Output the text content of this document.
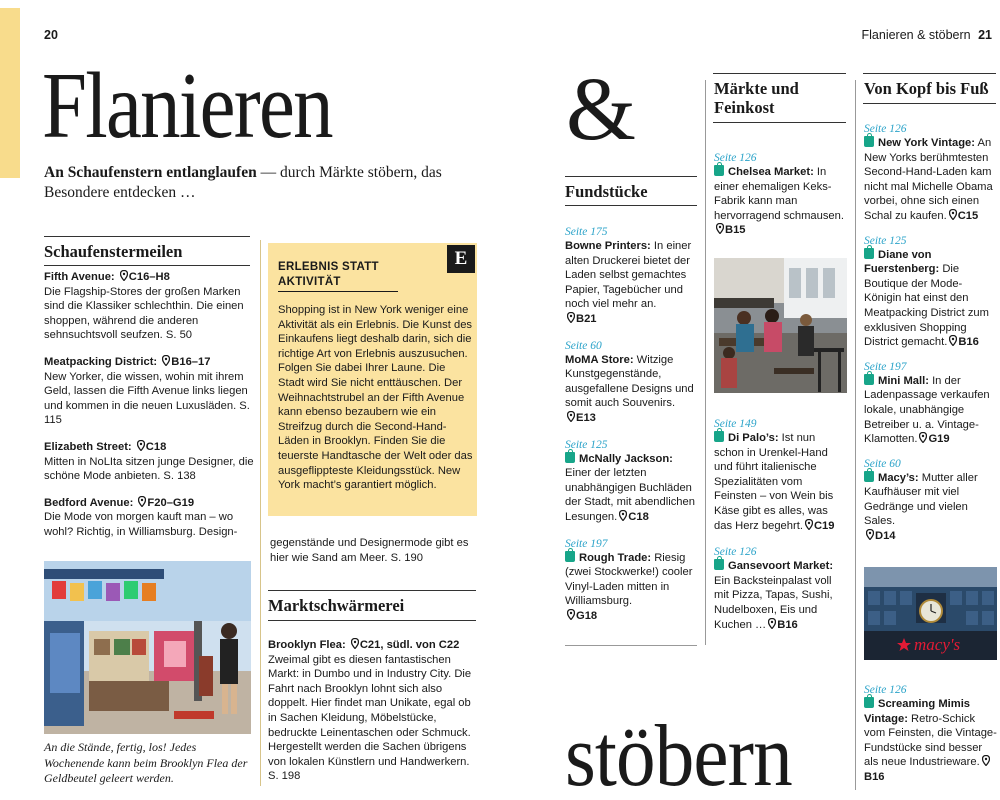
20	Flanieren & stöbern 21
Flanieren	&
stöbern
An Schaufenstern entlanglaufen — durch Märkte stöbern, das Besondere entdecken …
Schaufenstermeilen
Fifth Avenue: C16–H8

Die Flagship-Stores der großen Marken sind die Klassiker schlechthin. Die einen shoppen, während die anderen sehnsuchtsvoll seufzen. S. 50

Meatpacking District: B16–17

New Yorker, die wissen, wohin mit ihrem Geld, lassen die Fifth Avenue links liegen und kommen in die neuen Luxusläden. S. 115

Elizabeth Street: C18

Mitten in NoLIta sitzen junge Designer, die schöne Mode anbieten. S. 138

Bedford Avenue: F20–G19

Die Mode von morgen kauft man – wo wohl? Richtig, in Williamsburg. Design-

An die Stände, fertig, los! Jedes Wochenende kann beim Brooklyn Flea der Geldbeutel geleert werden.
E
ERLEBNIS STATT AKTIVITÄT
Shopping ist in New York weniger eine Aktivität als ein Erlebnis. Die Kunst des Einkaufens liegt deshalb darin, sich die richtige Art von Erlebnis auszusuchen. Folgen Sie dabei Ihrer Laune. Die Stadt wird Sie nicht enttäuschen. Der Weihnachtstrubel an der Fifth Avenue kann ebenso bezaubern wie ein Streifzug durch die Second-Hand-Läden in Brooklyn. Finden Sie die teuerste Handtasche der Welt oder das ausgeflippteste Kleidungsstück. New York macht’s garantiert möglich.
gegenstände und Designermode gibt es hier wie Sand am Meer. S. 190
Marktschwärmerei
Brooklyn Flea: C21, südl. von C22

Zweimal gibt es diesen fantastischen Markt: in Dumbo und in Industry City. Die Fahrt nach Brooklyn lohnt sich also doppelt. Hier findet man Unikate, egal ob in Sachen Kleidung, Möbelstücke, bedruckte Leinentaschen oder Schmuck. Hergestellt werden die Sachen übrigens von lokalen Künstlern und Handwerkern. S. 198

Fundstücke
Seite 175

Bowne Printers: In einer alten Druckerei bietet der Laden selbst gemachtes Papier, Tagebücher und noch viel mehr an.

B21

Seite 60

MoMA Store: Witzige Kunstgegenstände, ausgefallene Designs und somit auch Souvenirs.

E13

Seite 125

McNally Jackson: Einer der letzten unabhängigen Buchläden der Stadt, mit abendlichen Lesungen. C18

Seite 197

Rough Trade: Riesig (zwei Stockwerke!) cooler Vinyl-Laden mitten in Williamsburg.

G18

Märkte und Feinkost
Seite 126

Chelsea Market: In einer ehemaligen Keks-Fabrik kann man hervorragend schmausen.
B15

Seite 149

Di Palo’s: Ist nun schon in Urenkel-Hand und führt italienische Spezialitäten vom Feinsten – von Wein bis Käse gibt es alles, was das Herz begehrt. C19

Seite 126

Gansevoort Market: Ein Backsteinpalast voll mit Pizza, Tapas, Sushi, Nudelboxen, Eis und Kuchen … B16

Von Kopf bis Fuß
Seite 126

New York Vintage: An New Yorks berühmtesten Second-Hand-Laden kam nicht mal Michelle Obama vorbei, ohne sich einen Schal zu kaufen. C15

Seite 125

Diane von Fuerstenberg: Die Boutique der Mode-Königin hat einst den Meatpacking District zum exklusiven Shopping District gemacht. B16

Seite 197

Mini Mall: In der Ladenpassage verkaufen lokale, unabhängige Betreiber u. a. Vintage-Klamotten. G19

Seite 60

Macy’s: Mutter aller Kaufhäuser mit viel Gedränge und vielen Sales.

D14

macy's
Seite 126

Screaming Mimis Vintage: Retro-Schick vom Feinsten, die Vintage-Fundstücke sind besser als neue Industrieware.
B16
